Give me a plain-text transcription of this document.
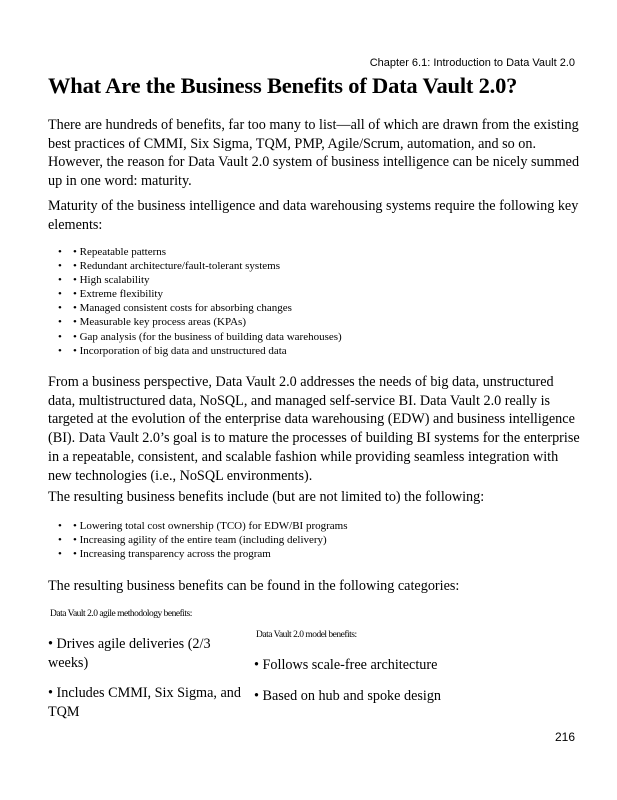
Chapter 6.1: Introduction to Data Vault 2.0
What Are the Business Benefits of Data Vault 2.0?

There are hundreds of benefits, far too many to list—all of which are drawn from the existing best practices of CMMI, Six Sigma, TQM, PMP, Agile/Scrum, automation, and so on. However, the reason for Data Vault 2.0 system of business intelligence can be nicely summed up in one word: maturity.

Maturity of the business intelligence and data warehousing systems require the following key elements:

• • Repeatable patterns
• • Redundant architecture/fault-tolerant systems
• • High scalability
• • Extreme flexibility
• • Managed consistent costs for absorbing changes
• • Measurable key process areas (KPAs)
• • Gap analysis (for the business of building data warehouses)
• • Incorporation of big data and unstructured data

From a business perspective, Data Vault 2.0 addresses the needs of big data, unstructured data, multistructured data, NoSQL, and managed self-service BI. Data Vault 2.0 really is targeted at the evolution of the enterprise data warehousing (EDW) and business intelligence (BI). Data Vault 2.0’s goal is to mature the processes of building BI systems for the enterprise in a repeatable, consistent, and scalable fashion while providing seamless integration with new technologies (i.e., NoSQL environments).

The resulting business benefits include (but are not limited to) the following:

• • Lowering total cost ownership (TCO) for EDW/BI programs
• • Increasing agility of the entire team (including delivery)
• • Increasing transparency across the program

The resulting business benefits can be found in the following categories:

Data Vault 2.0 agile methodology benefits:
Data Vault 2.0 model benefits:

• Drives agile deliveries (2/3 weeks)

• Includes CMMI, Six Sigma, and TQM

• Follows scale-free architecture

• Based on hub and spoke design

216
